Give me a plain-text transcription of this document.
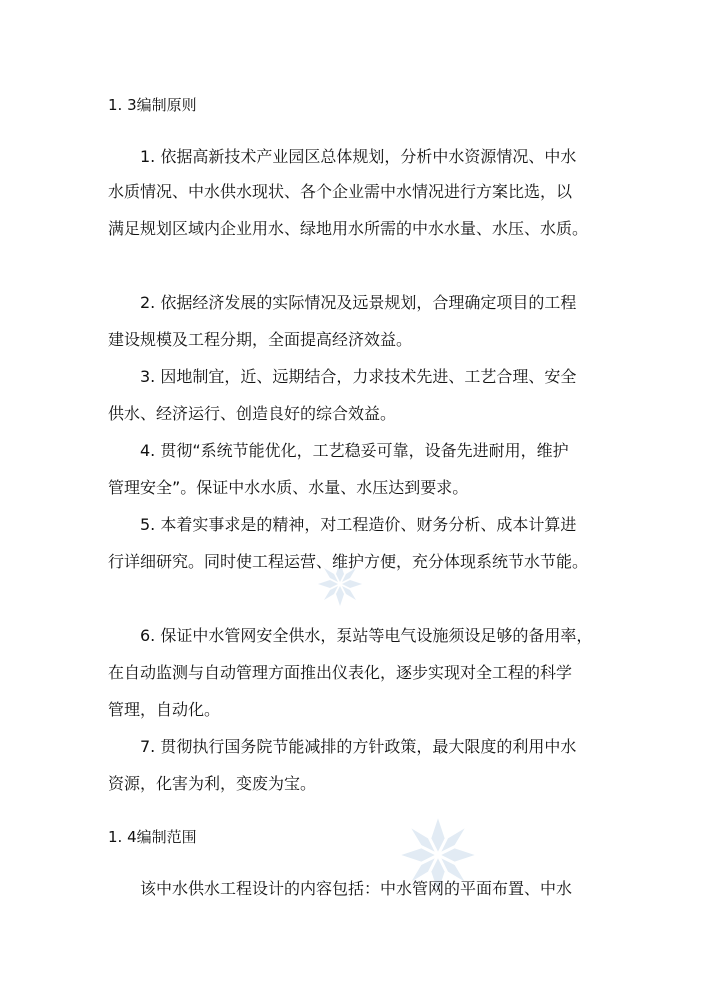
1. 3编制原则
1. 依据高新技术产业园区总体规划，分析中水资源情况、中水
水质情况、中水供水现状、各个企业需中水情况进行方案比选，以
满足规划区域内企业用水、绿地用水所需的中水水量、水压、水质。
2. 依据经济发展的实际情况及远景规划，合理确定项目的工程
建设规模及工程分期，全面提高经济效益。
3. 因地制宜，近、远期结合，力求技术先进、工艺合理、安全
供水、经济运行、创造良好的综合效益。
4. 贯彻“系统节能优化，工艺稳妥可靠，设备先进耐用，维护
管理安全”。保证中水水质、水量、水压达到要求。
5. 本着实事求是的精神，对工程造价、财务分析、成本计算进
行详细研究。同时使工程运营、维护方便，充分体现系统节水节能。
6. 保证中水管网安全供水，泵站等电气设施须设足够的备用率，
在自动监测与自动管理方面推出仪表化，逐步实现对全工程的科学
管理，自动化。
7. 贯彻执行国务院节能减排的方针政策，最大限度的利用中水
资源，化害为利，变废为宝。
1. 4编制范围
该中水供水工程设计的内容包括：中水管网的平面布置、中水
